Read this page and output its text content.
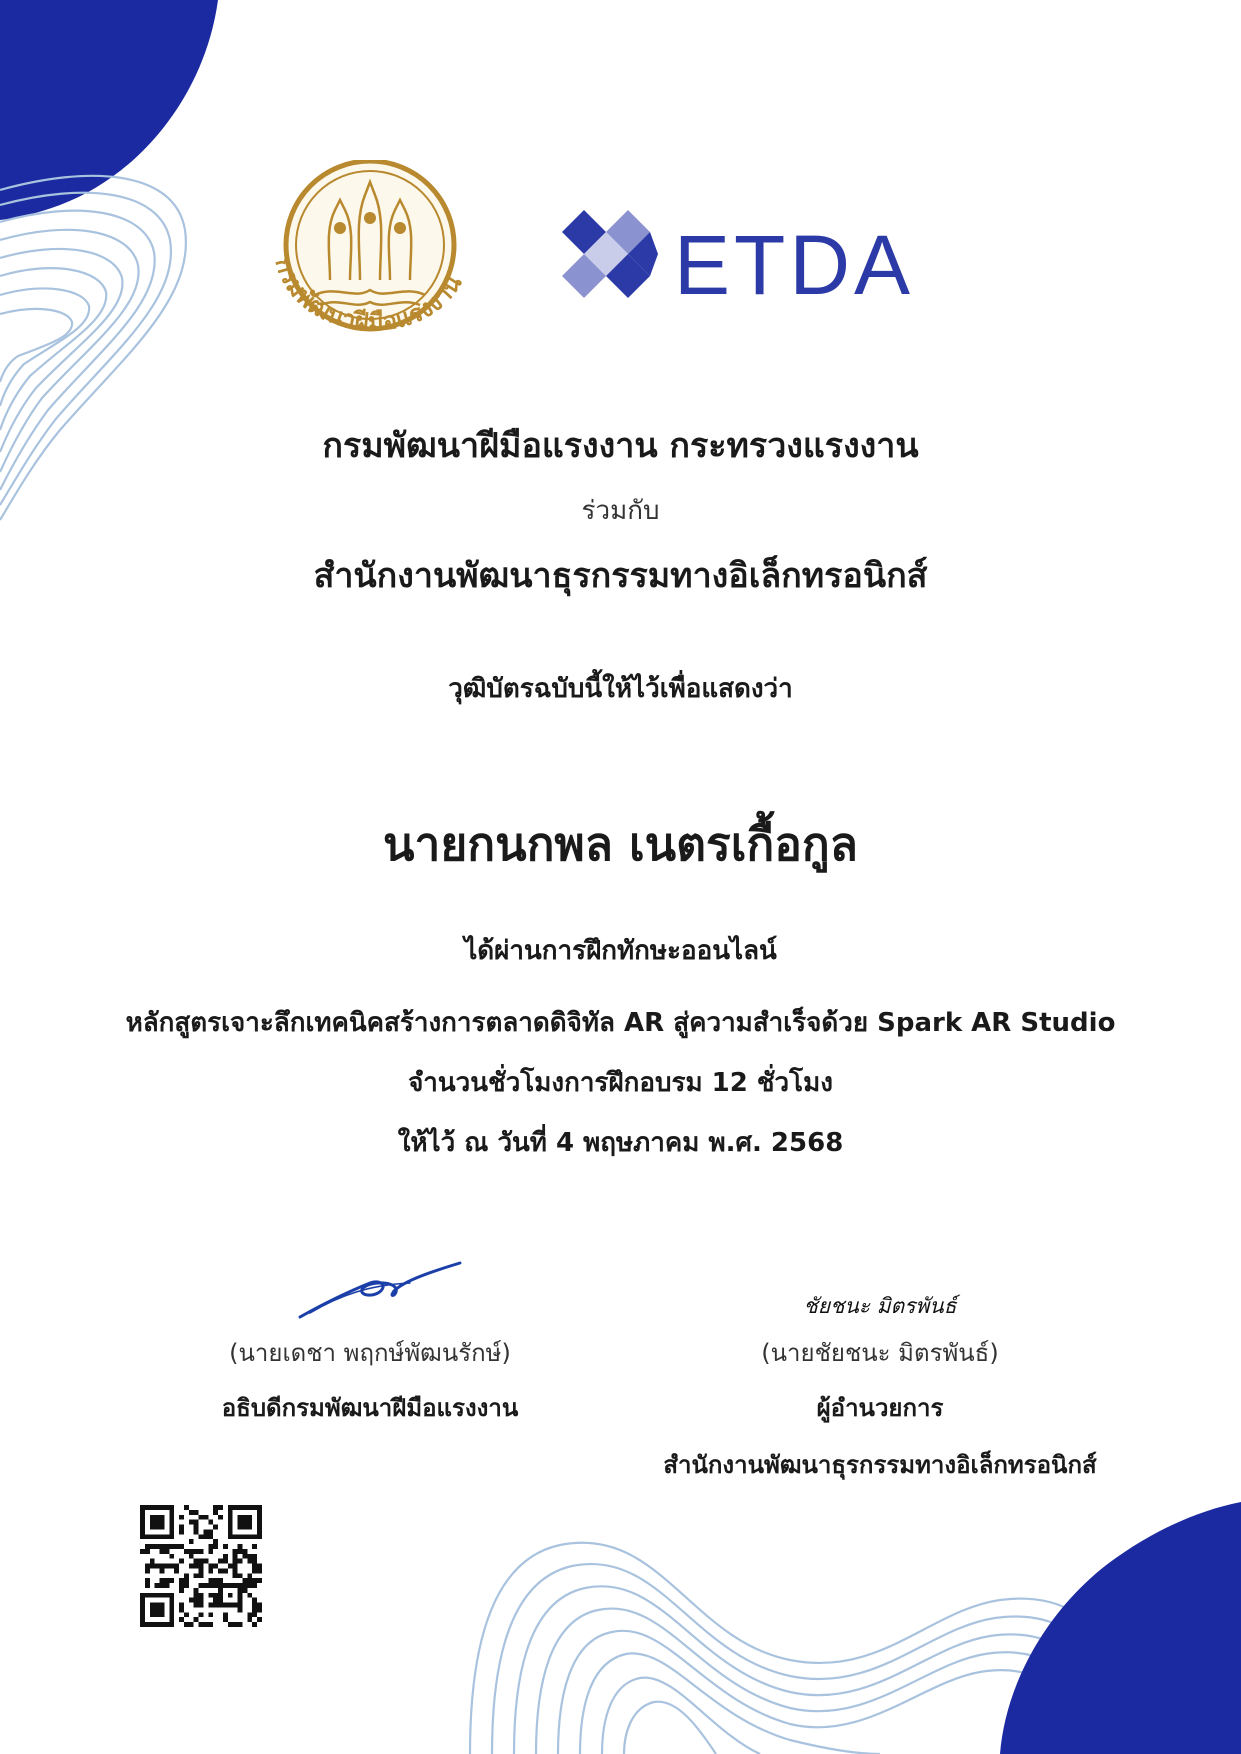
กรมพัฒนาฝีมือแรงงาน ETDA
กรมพัฒนาฝีมือแรงงาน กระทรวงแรงงาน
ร่วมกับ
สำนักงานพัฒนาธุรกรรมทางอิเล็กทรอนิกส์
วุฒิบัตรฉบับนี้ให้ไว้เพื่อแสดงว่า
นายกนกพล เนตรเกื้อกูล
ได้ผ่านการฝึกทักษะออนไลน์
หลักสูตรเจาะลึกเทคนิคสร้างการตลาดดิจิทัล AR สู่ความสำเร็จด้วย Spark AR Studio
จำนวนชั่วโมงการฝึกอบรม 12 ชั่วโมง
ให้ไว้ ณ วันที่ 4 พฤษภาคม พ.ศ. 2568
(นายเดชา พฤกษ์พัฒนรักษ์)
อธิบดีกรมพัฒนาฝีมือแรงงาน
ชัยชนะ มิตรพันธ์
(นายชัยชนะ มิตรพันธ์)
ผู้อำนวยการ
สำนักงานพัฒนาธุรกรรมทางอิเล็กทรอนิกส์
